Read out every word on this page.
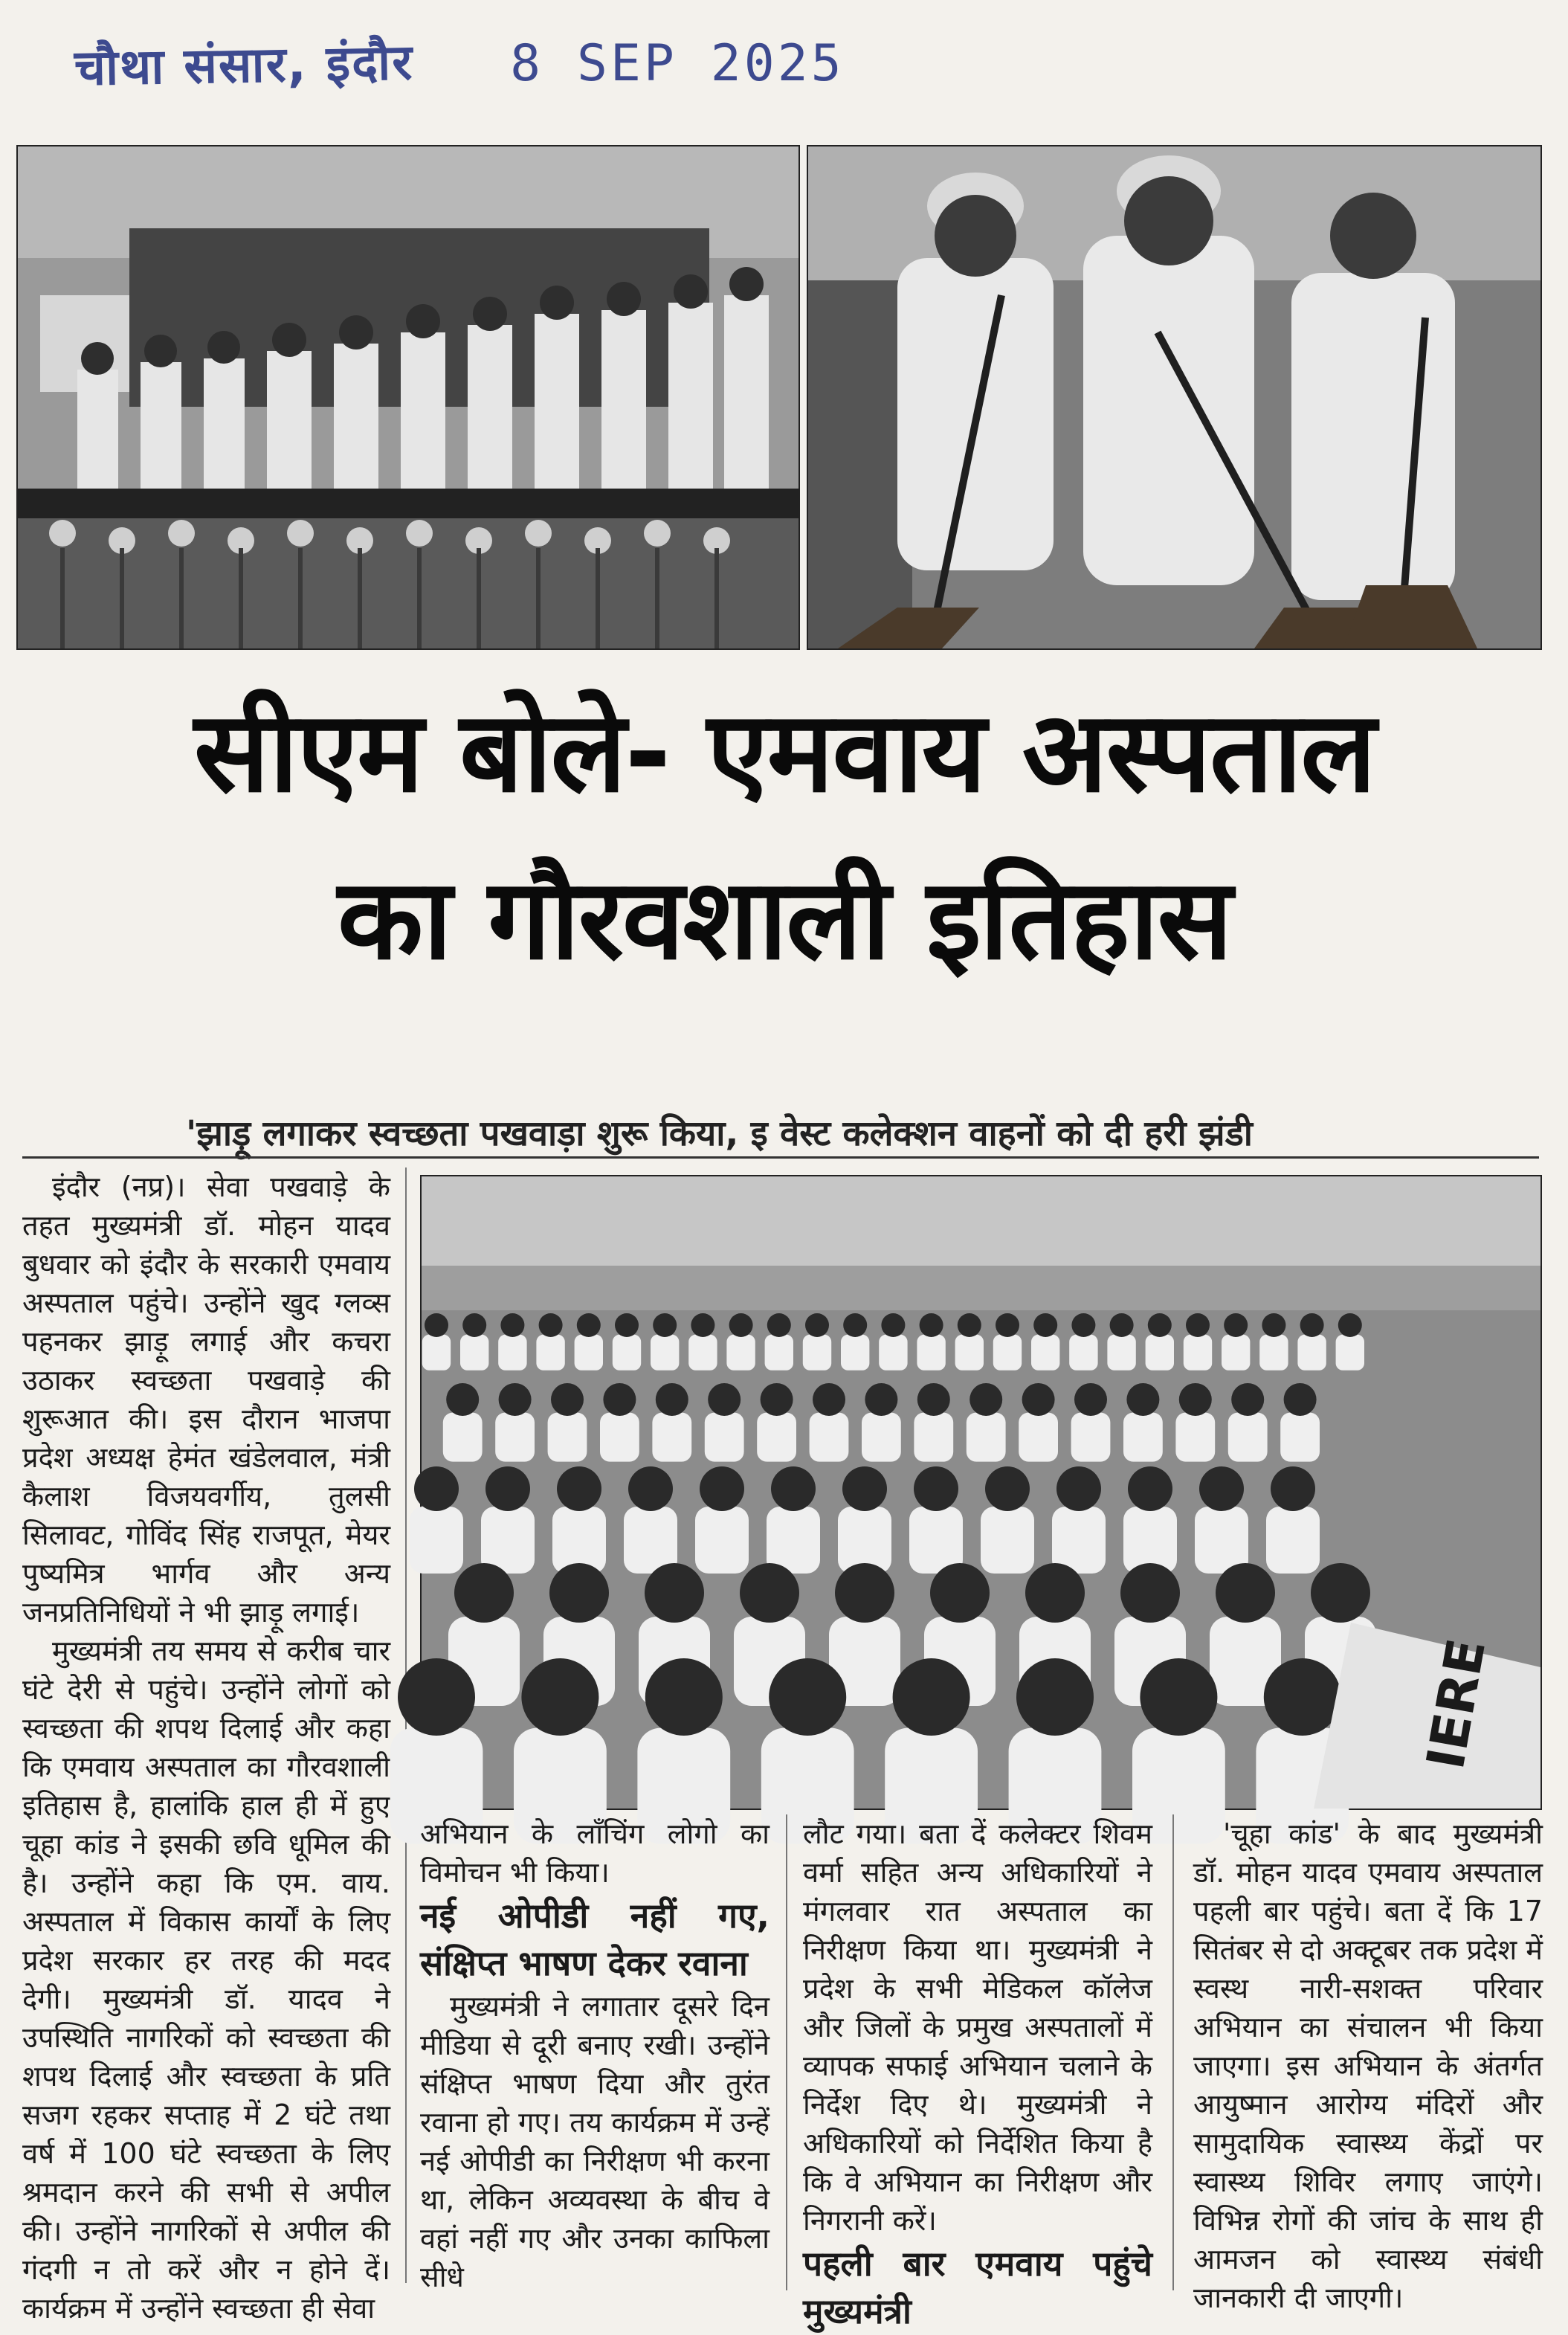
चौथा संसार, इंदौर 8 SEP 2025
सीएम बोले- एमवाय अस्पताल
का गौरवशाली इतिहास
'झाड़ू लगाकर स्वच्छता पखवाड़ा शुरू किया, इ वेस्ट कलेक्शन वाहनों को दी हरी झंडी

इंदौर (नप्र)। सेवा पखवाड़े के तहत मुख्यमंत्री डॉ. मोहन यादव बुधवार को इंदौर के सरकारी एमवाय अस्पताल पहुंचे। उन्होंने खुद ग्लव्स पहनकर झाड़ू लगाई और कचरा उठाकर स्वच्छता पखवाड़े की शुरूआत की। इस दौरान भाजपा प्रदेश अध्यक्ष हेमंत खंडेलवाल, मंत्री कैलाश विजयवर्गीय, तुलसी सिलावट, गोविंद सिंह राजपूत, मेयर पुष्यमित्र भार्गव और अन्य जनप्रतिनिधियों ने भी झाड़ू लगाई।

मुख्यमंत्री तय समय से करीब चार घंटे देरी से पहुंचे। उन्होंने लोगों को स्वच्छता की शपथ दिलाई और कहा कि एमवाय अस्पताल का गौरवशाली इतिहास है, हालांकि हाल ही में हुए चूहा कांड ने इसकी छवि धूमिल की है। उन्होंने कहा कि एम. वाय. अस्पताल में विकास कार्यों के लिए प्रदेश सरकार हर तरह की मदद देगी। मुख्यमंत्री डॉ. यादव ने उपस्थिति नागरिकों को स्वच्छता की शपथ दिलाई और स्वच्छता के प्रति सजग रहकर सप्ताह में 2 घंटे तथा वर्ष में 100 घंटे स्वच्छता के लिए श्रमदान करने की सभी से अपील की। उन्होंने नागरिकों से अपील की गंदगी न तो करें और न होने दें। कार्यक्रम में उन्होंने स्वच्छता ही सेवा

IERE

अभियान के लॉंचिंग लोगो का विमोचन भी किया।

नई ओपीडी नहीं गए, संक्षिप्त भाषण देकर रवाना

मुख्यमंत्री ने लगातार दूसरे दिन मीडिया से दूरी बनाए रखी। उन्होंने संक्षिप्त भाषण दिया और तुरंत रवाना हो गए। तय कार्यक्रम में उन्हें नई ओपीडी का निरीक्षण भी करना था, लेकिन अव्यवस्था के बीच वे वहां नहीं गए और उनका काफिला सीधे

लौट गया। बता दें कलेक्टर शिवम वर्मा सहित अन्य अधिकारियों ने मंगलवार रात अस्पताल का निरीक्षण किया था। मुख्यमंत्री ने प्रदेश के सभी मेडिकल कॉलेज और जिलों के प्रमुख अस्पतालों में व्यापक सफाई अभियान चलाने के निर्देश दिए थे। मुख्यमंत्री ने अधिकारियों को निर्देशित किया है कि वे अभियान का निरीक्षण और निगरानी करें।

पहली बार एमवाय पहुंचे मुख्यमंत्री

'चूहा कांड' के बाद मुख्यमंत्री डॉ. मोहन यादव एमवाय अस्पताल पहली बार पहुंचे। बता दें कि 17 सितंबर से दो अक्टूबर तक प्रदेश में स्वस्थ नारी-सशक्त परिवार अभियान का संचालन भी किया जाएगा। इस अभियान के अंतर्गत आयुष्मान आरोग्य मंदिरों और सामुदायिक स्वास्थ्य केंद्रों पर स्वास्थ्य शिविर लगाए जाएंगे। विभिन्न रोगों की जांच के साथ ही आमजन को स्वास्थ्य संबंधी जानकारी दी जाएगी।
